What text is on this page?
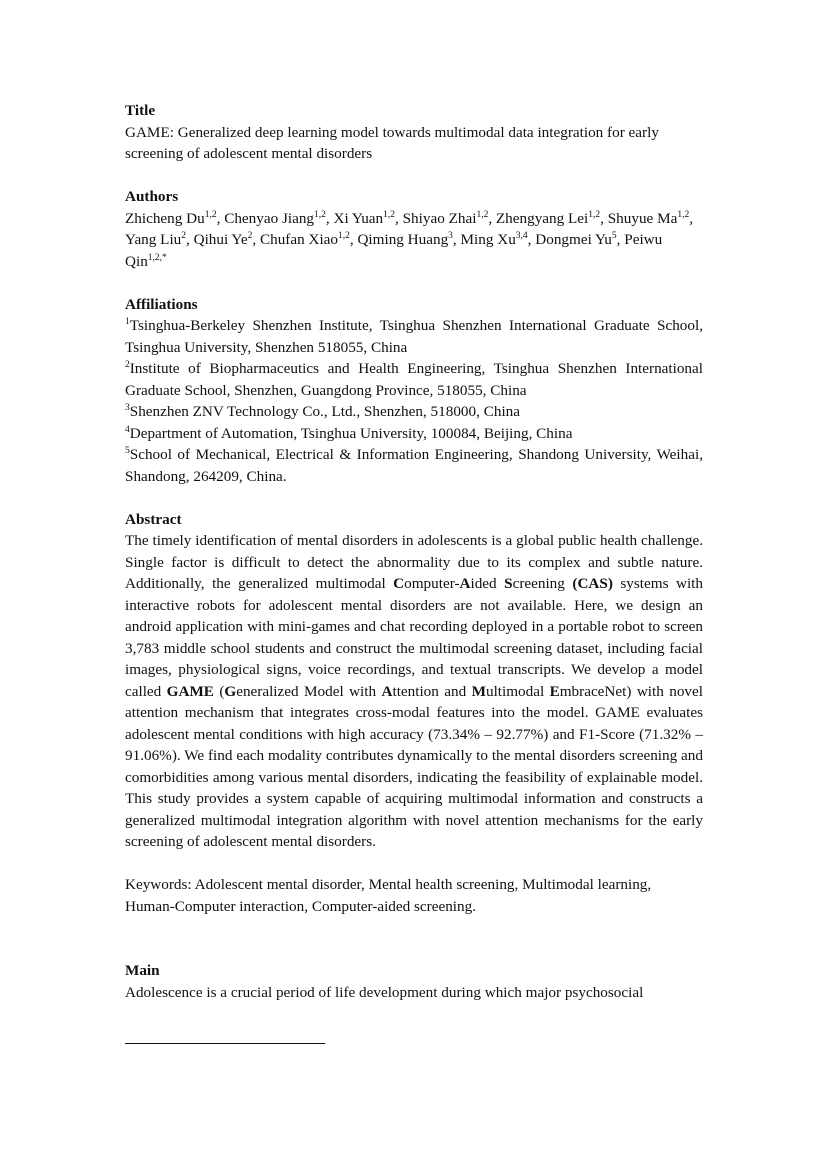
Title
GAME: Generalized deep learning model towards multimodal data integration for early screening of adolescent mental disorders
Authors
Zhicheng Du$^{1,2}$, Chenyao Jiang$^{1,2}$, Xi Yuan$^{1,2}$, Shiyao Zhai$^{1,2}$, Zhengyang Lei$^{1,2}$, Shuyue Ma$^{1,2}$, Yang Liu$^2$, Qihui Ye$^2$, Chufan Xiao$^{1,2}$, Qiming Huang$^3$, Ming Xu$^{3,4}$, Dongmei Yu$^5$, Peiwu Qin$^{1,2,*}$
Affiliations
$^1$Tsinghua-Berkeley Shenzhen Institute, Tsinghua Shenzhen International Graduate School, Tsinghua University, Shenzhen 518055, China
$^2$Institute of Biopharmaceutics and Health Engineering, Tsinghua Shenzhen International Graduate School, Shenzhen, Guangdong Province, 518055, China
$^3$Shenzhen ZNV Technology Co., Ltd., Shenzhen, 518000, China
$^4$Department of Automation, Tsinghua University, 100084, Beijing, China
$^5$School of Mechanical, Electrical & Information Engineering, Shandong University, Weihai, Shandong, 264209, China.
Abstract
The timely identification of mental disorders in adolescents is a global public health challenge. Single factor is difficult to detect the abnormality due to its complex and subtle nature. Additionally, the generalized multimodal Computer-Aided Screening (CAS) systems with interactive robots for adolescent mental disorders are not available. Here, we design an android application with mini-games and chat recording deployed in a portable robot to screen 3,783 middle school students and construct the multimodal screening dataset, including facial images, physiological signs, voice recordings, and textual transcripts. We develop a model called GAME (Generalized Model with Attention and Multimodal EmbraceNet) with novel attention mechanism that integrates cross-modal features into the model. GAME evaluates adolescent mental conditions with high accuracy (73.34% – 92.77%) and F1-Score (71.32% – 91.06%). We find each modality contributes dynamically to the mental disorders screening and comorbidities among various mental disorders, indicating the feasibility of explainable model. This study provides a system capable of acquiring multimodal information and constructs a generalized multimodal integration algorithm with novel attention mechanisms for the early screening of adolescent mental disorders.
Keywords: Adolescent mental disorder, Mental health screening, Multimodal learning, Human-Computer interaction, Computer-aided screening.
Main
Adolescence is a crucial period of life development during which major psychosocial
